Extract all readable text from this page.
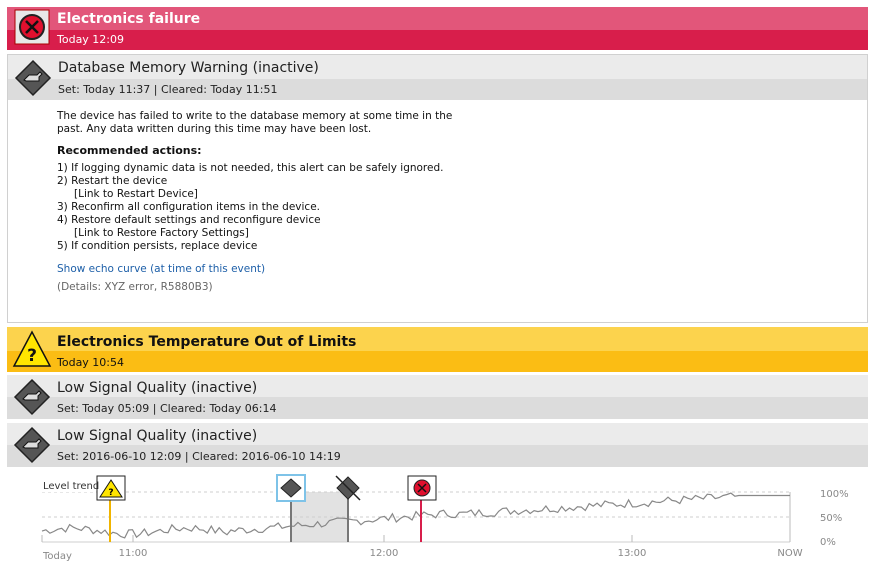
Electronics failure
Today 12:09
Database Memory Warning (inactive)
Set: Today 11:37 | Cleared: Today 11:51

The device has failed to write to the database memory at some time in the past. Any data written during this time may have been lost.

Recommended actions:

1) If logging dynamic data is not needed, this alert can be safely ignored.
2) Restart the device
[Link to Restart Device]
3) Reconfirm all configuration items in the device.
4) Restore default settings and reconfigure device
[Link to Restore Factory Settings]
5) If condition persists, replace device

Show echo curve (at time of this event)

(Details: XYZ error, R5880B3)

?
Electronics Temperature Out of Limits
Today 10:54
Low Signal Quality (inactive)
Set: Today 05:09 | Cleared: Today 06:14
Low Signal Quality (inactive)
Set: 2016-06-10 12:09 | Cleared: 2016-06-10 14:19
?
Level trend
100%
50%
0%
Today	11:00	12:00	13:00	NOW
